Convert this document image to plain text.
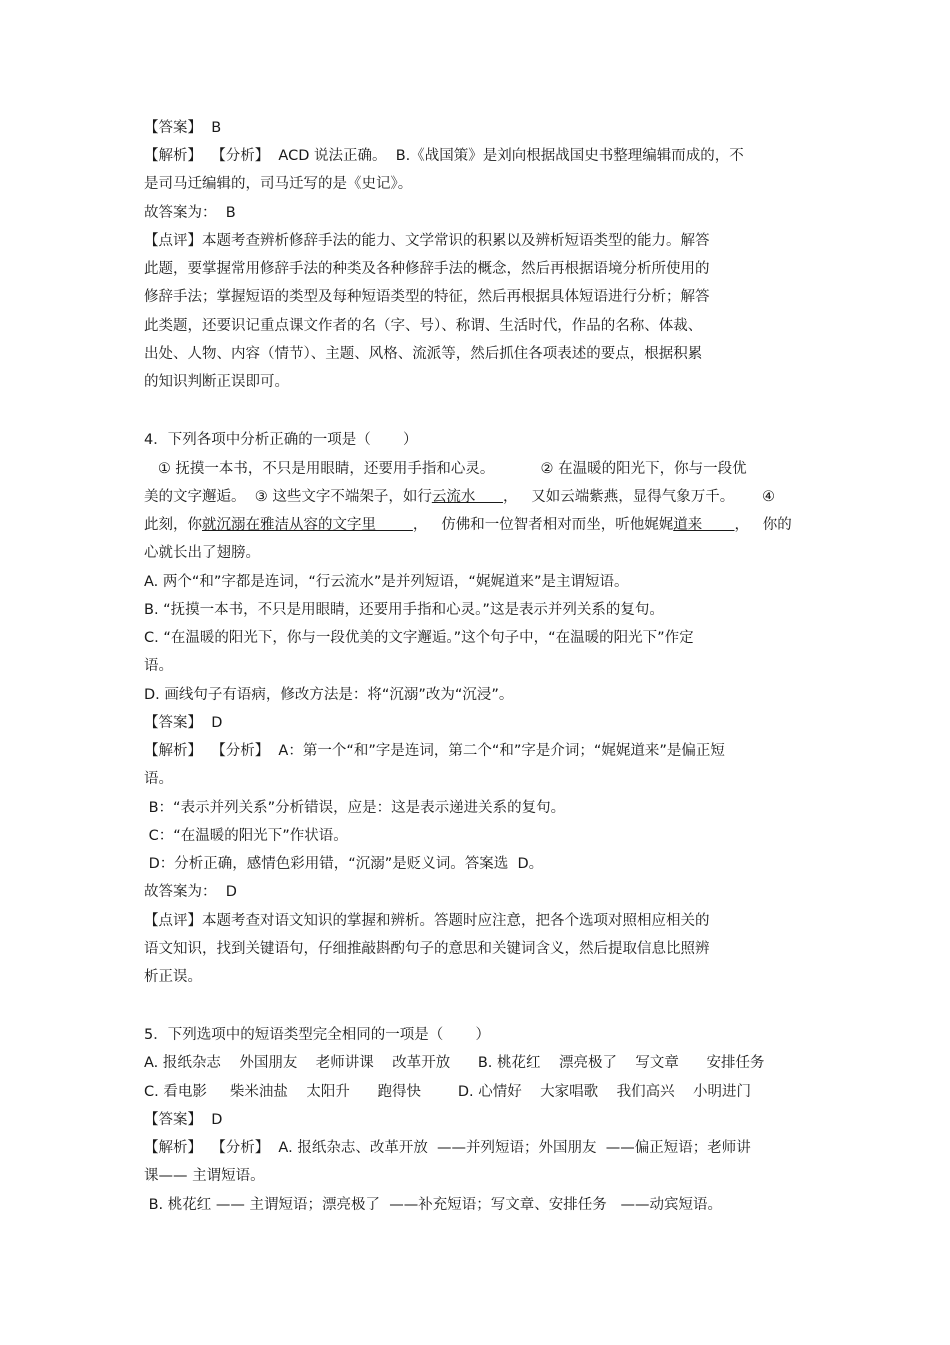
【答案】  B
【解析】  【分析】  ACD 说法正确。  B.《战国策》是刘向根据战国史书整理编辑而成的，不
是司马迁编辑的，司马迁写的是《史记》。
故答案为：  B
【点评】本题考查辨析修辞手法的能力、文学常识的积累以及辨析短语类型的能力。解答
此题，要掌握常用修辞手法的种类及各种修辞手法的概念，然后再根据语境分析所使用的
修辞手法；掌握短语的类型及每种短语类型的特征，然后再根据具体短语进行分析；解答
此类题，还要识记重点课文作者的名（字、号）、称谓、生活时代，作品的名称、体裁、
出处、人物、内容（情节）、主题、风格、流派等，然后抓住各项表述的要点，根据积累
的知识判断正误即可。
4．下列各项中分析正确的一项是（       ）
① 抚摸一本书，不只是用眼睛，还要用手指和心灵。          ② 在温暖的阳光下，你与一段优
美的文字邂逅。  ③ 这些文字不端架子，如行云流水      ，   又如云端紫燕，显得气象万千。      ④
此刻，你就沉溺在雅洁从容的文字里        ，   仿佛和一位智者相对而坐，听他娓娓道来       ，   你的
心就长出了翅膀。
A. 两个“和”字都是连词，“行云流水”是并列短语，“娓娓道来”是主谓短语。
B. “抚摸一本书，不只是用眼睛，还要用手指和心灵。”这是表示并列关系的复句。
C. “在温暖的阳光下，你与一段优美的文字邂逅。”这个句子中，“在温暖的阳光下”作定
语。
D. 画线句子有语病，修改方法是：将“沉溺”改为“沉浸”。
【答案】  D
【解析】  【分析】  A：第一个“和”字是连词，第二个“和”字是介词；“娓娓道来”是偏正短
语。
B：“表示并列关系”分析错误，应是：这是表示递进关系的复句。
C：“在温暖的阳光下”作状语。
D：分析正确，感情色彩用错，“沉溺”是贬义词。答案选  D。
故答案为：  D
【点评】本题考查对语文知识的掌握和辨析。答题时应注意，把各个选项对照相应相关的
语文知识，找到关键语句，仔细推敲斟酌句子的意思和关键词含义，然后提取信息比照辨
析正误。
5．下列选项中的短语类型完全相同的一项是（       ）
A. 报纸杂志    外国朋友    老师讲课    改革开放      B. 桃花红    漂亮极了    写文章      安排任务
C. 看电影     柴米油盐    太阳升      跑得快        D. 心情好    大家唱歌    我们高兴    小明进门
【答案】  D
【解析】  【分析】  A. 报纸杂志、改革开放  ——并列短语；外国朋友  ——偏正短语；老师讲
课—— 主谓短语。
B. 桃花红 —— 主谓短语；漂亮极了  ——补充短语；写文章、安排任务   ——动宾短语。
